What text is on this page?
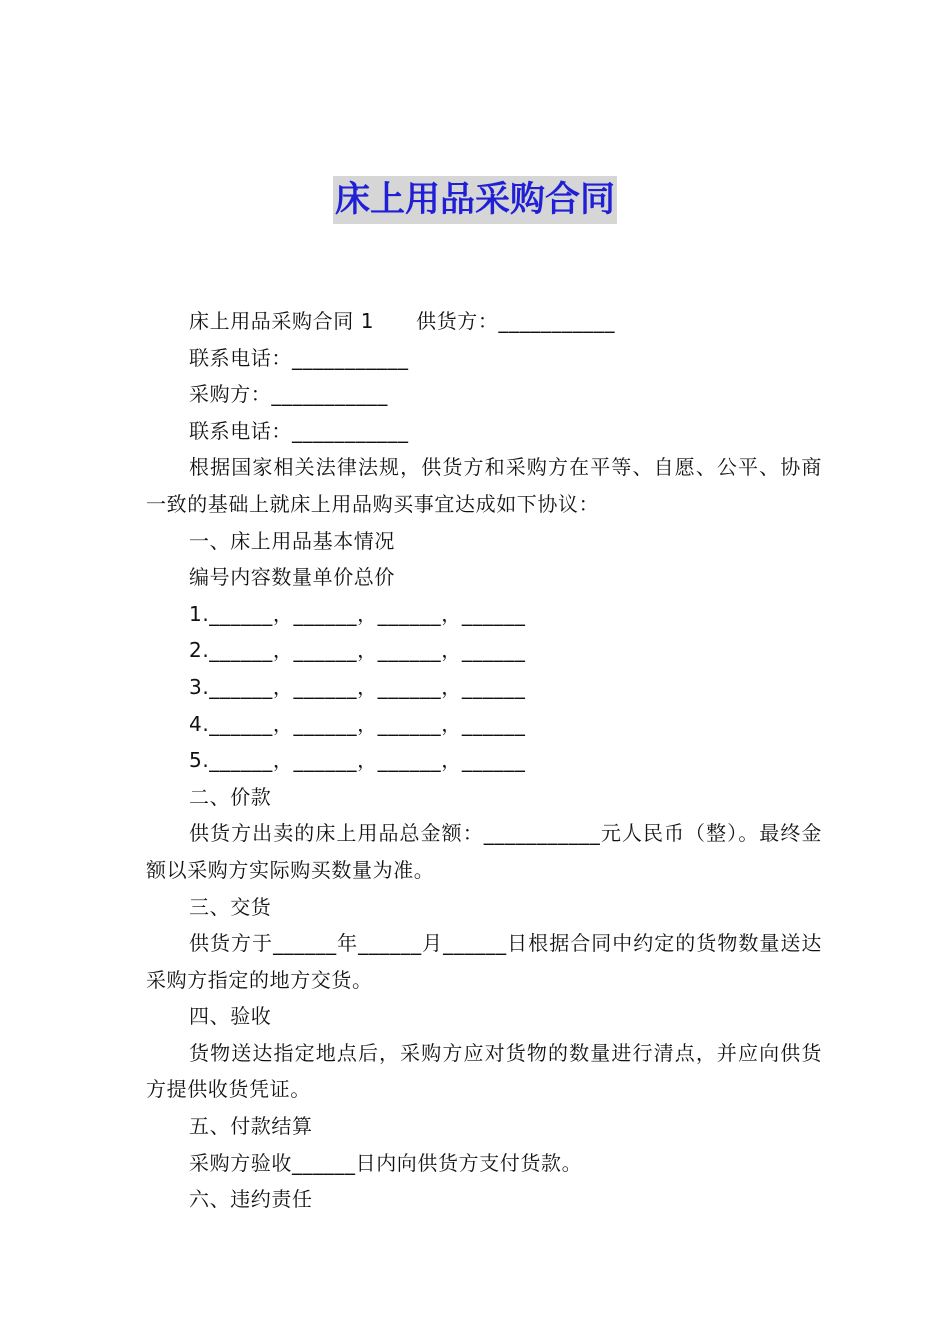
床上用品采购合同

床上用品采购合同 1 供货方：___________

联系电话：___________

采购方：___________

联系电话：___________

根据国家相关法律法规，供货方和采购方在平等、自愿、公平、协商一致的基础上就床上用品购买事宜达成如下协议：

一、床上用品基本情况

编号内容数量单价总价

1.______，______，______，______

2.______，______，______，______

3.______，______，______，______

4.______，______，______，______

5.______，______，______，______

二、价款

供货方出卖的床上用品总金额：___________元人民币（整）。最终金额以采购方实际购买数量为准。

三、交货

供货方于______年______月______日根据合同中约定的货物数量送达采购方指定的地方交货。

四、验收

货物送达指定地点后，采购方应对货物的数量进行清点，并应向供货方提供收货凭证。

五、付款结算

采购方验收______日内向供货方支付货款。

六、违约责任
